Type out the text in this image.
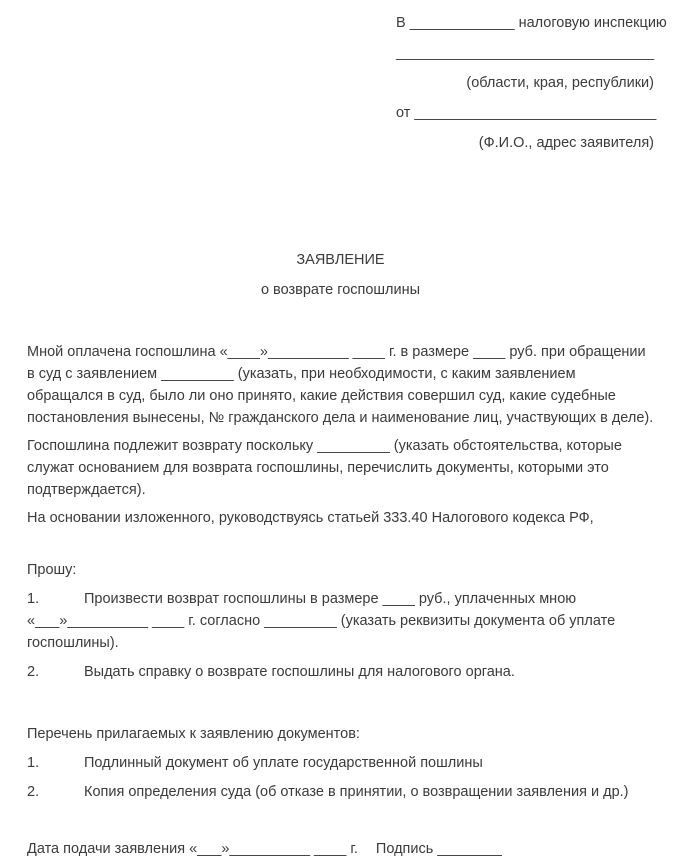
В _____________ налоговую инспекцию
________________________________
(области, края, республики)
от ______________________________
(Ф.И.О., адрес заявителя)
ЗАЯВЛЕНИЕ
о возврате госпошлины

Мной оплачена госпошлина «____»__________ ____ г. в размере ____ руб. при обращении в суд с заявлением _________ (указать, при необходимости, с каким заявлением обращался в суд, было ли оно принято, какие действия совершил суд, какие судебные постановления вынесены, № гражданского дела и наименование лиц, участвующих в деле).

Госпошлина подлежит возврату поскольку _________ (указать обстоятельства, которые служат основанием для возврата госпошлины, перечислить документы, которыми это подтверждается).

На основании изложенного, руководствуясь статьей 333.40 Налогового кодекса РФ,

Прошу:

1.	Произвести возврат госпошлины в размере ____ руб., уплаченных мною «___»__________ ____ г. согласно _________ (указать реквизиты документа об уплате госпошлины).
2.	Выдать справку о возврате госпошлины для налогового органа.

Перечень прилагаемых к заявлению документов:

1.	Подлинный документ об уплате государственной пошлины
2.	Копия определения суда (об отказе в принятии, о возвращении заявления и др.)
Дата подачи заявления «___»__________ ____ г. Подпись ________
